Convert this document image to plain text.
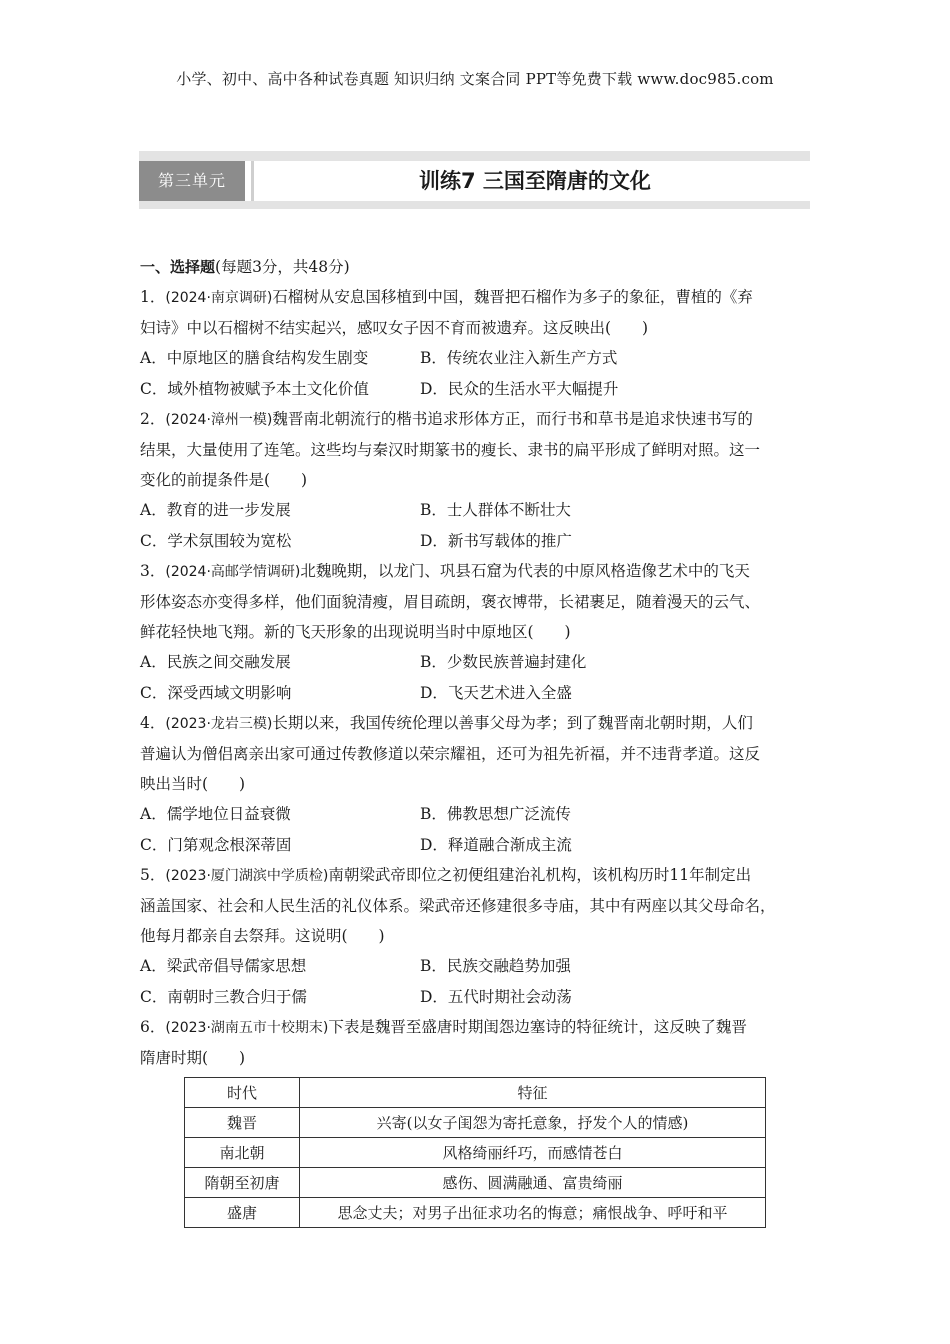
小学、初中、高中各种试卷真题 知识归纳 文案合同 PPT等免费下载 www.doc985.com
第三单元	训练7 三国至隋唐的文化
一、选择题(每题3分，共48分)
1．(2024·南京调研)石榴树从安息国移植到中国，魏晋把石榴作为多子的象征，曹植的《弃
妇诗》中以石榴树不结实起兴，感叹女子因不育而被遗弃。这反映出(　　)
A．中原地区的膳食结构发生剧变	B．传统农业注入新生产方式
C．域外植物被赋予本土文化价值	D．民众的生活水平大幅提升
2．(2024·漳州一模)魏晋南北朝流行的楷书追求形体方正，而行书和草书是追求快速书写的
结果，大量使用了连笔。这些均与秦汉时期篆书的瘦长、隶书的扁平形成了鲜明对照。这一
变化的前提条件是(　　)
A．教育的进一步发展	B．士人群体不断壮大
C．学术氛围较为宽松	D．新书写载体的推广
3．(2024·高邮学情调研)北魏晚期，以龙门、巩县石窟为代表的中原风格造像艺术中的飞天
形体姿态亦变得多样，他们面貌清瘦，眉目疏朗，褒衣博带，长裙裹足，随着漫天的云气、
鲜花轻快地飞翔。新的飞天形象的出现说明当时中原地区(　　)
A．民族之间交融发展	B．少数民族普遍封建化
C．深受西域文明影响	D．飞天艺术进入全盛
4．(2023·龙岩三模)长期以来，我国传统伦理以善事父母为孝；到了魏晋南北朝时期，人们
普遍认为僧侣离亲出家可通过传教修道以荣宗耀祖，还可为祖先祈福，并不违背孝道。这反
映出当时(　　)
A．儒学地位日益衰微	B．佛教思想广泛流传
C．门第观念根深蒂固	D．释道融合渐成主流
5．(2023·厦门湖滨中学质检)南朝梁武帝即位之初便组建治礼机构，该机构历时11年制定出
涵盖国家、社会和人民生活的礼仪体系。梁武帝还修建很多寺庙，其中有两座以其父母命名，
他每月都亲自去祭拜。这说明(　　)
A．梁武帝倡导儒家思想	B．民族交融趋势加强
C．南朝时三教合归于儒	D．五代时期社会动荡
6．(2023·湖南五市十校期末)下表是魏晋至盛唐时期闺怨边塞诗的特征统计，这反映了魏晋
隋唐时期(　　)
时代	特征
魏晋	兴寄(以女子闺怨为寄托意象，抒发个人的情感)
南北朝	风格绮丽纤巧，而感情苍白
隋朝至初唐	感伤、圆满融通、富贵绮丽
盛唐	思念丈夫；对男子出征求功名的悔意；痛恨战争、呼吁和平
